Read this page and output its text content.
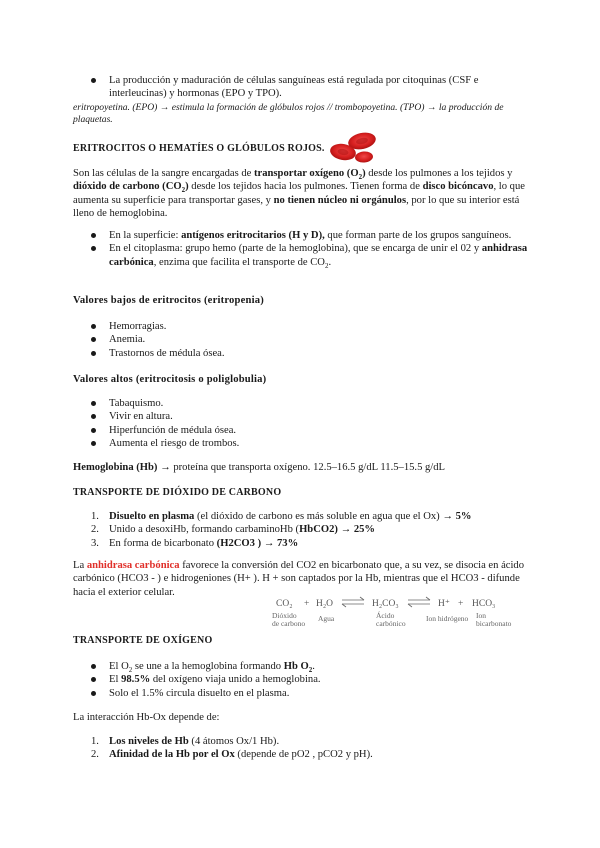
La producción y maduración de células sanguíneas está regulada por citoquinas (CSF e interleucinas) y hormonas (EPO y TPO).
eritropoyetina. (EPO) → estimula la formación de glóbulos rojos // trombopoyetina. (TPO) → la producción de plaquetas.
ERITROCITOS O HEMATÍES O GLÓBULOS ROJOS.
Son las células de la sangre encargadas de transportar oxígeno $(O_2)$ desde los pulmones a los tejidos y dióxido de carbono $(CO_2)$ desde los tejidos hacia los pulmones. Tienen forma de disco bicóncavo, lo que aumenta su superficie para transportar gases, y no tienen núcleo ni orgánulos, por lo que su interior está lleno de hemoglobina.
En la superficie: antígenos eritrocitarios (H y D), que forman parte de los grupos sanguíneos.
En el citoplasma: grupo hemo (parte de la hemoglobina), que se encarga de unir el 02 y anhidrasa carbónica, enzima que facilita el transporte de $CO_2$.
Valores bajos de eritrocitos (eritropenia)
Hemorragias.
Anemia.
Trastornos de médula ósea.
Valores altos (eritrocitosis o poliglobulia)
Tabaquismo.
Vivir en altura.
Hiperfunción de médula ósea.
Aumenta el riesgo de trombos.
Hemoglobina (Hb) → proteína que transporta oxígeno. 12.5–16.5 g/dL 11.5–15.5 g/dL
TRANSPORTE DE DIÓXIDO DE CARBONO
1. Disuelto en plasma (el dióxido de carbono es más soluble en agua que el Ox) → 5%
2. Unido a desoxiHb, formando carbaminoHb (HbCO2) → 25%
3. En forma de bicarbonato (H2CO3 ) → 73%
La anhidrasa carbónica favorece la conversión del CO2 en bicarbonato que, a su vez, se disocia en ácido carbónico (HCO3 - ) e hidrogeniones (H+ ). H + son captados por la Hb, mientras que el HCO3 - difunde hacia el exterior celular.
CO₂
Dióxido
de carbono
+ H₂O
Agua
⇌ H₂CO₃
Ácido
carbónico
⇌ H⁺
Ion hidrógeno
+ HCO₃
Ion
bicarbonato
TRANSPORTE DE OXÍGENO
El $O_2$ se une a la hemoglobina formando Hb $O_2$.
El 98.5% del oxígeno viaja unido a hemoglobina.
Solo el 1.5% circula disuelto en el plasma.
La interacción Hb-Ox depende de:
1. Los niveles de Hb (4 átomos Ox/1 Hb).
2. Afinidad de la Hb por el Ox (depende de pO2 , pCO2 y pH).
